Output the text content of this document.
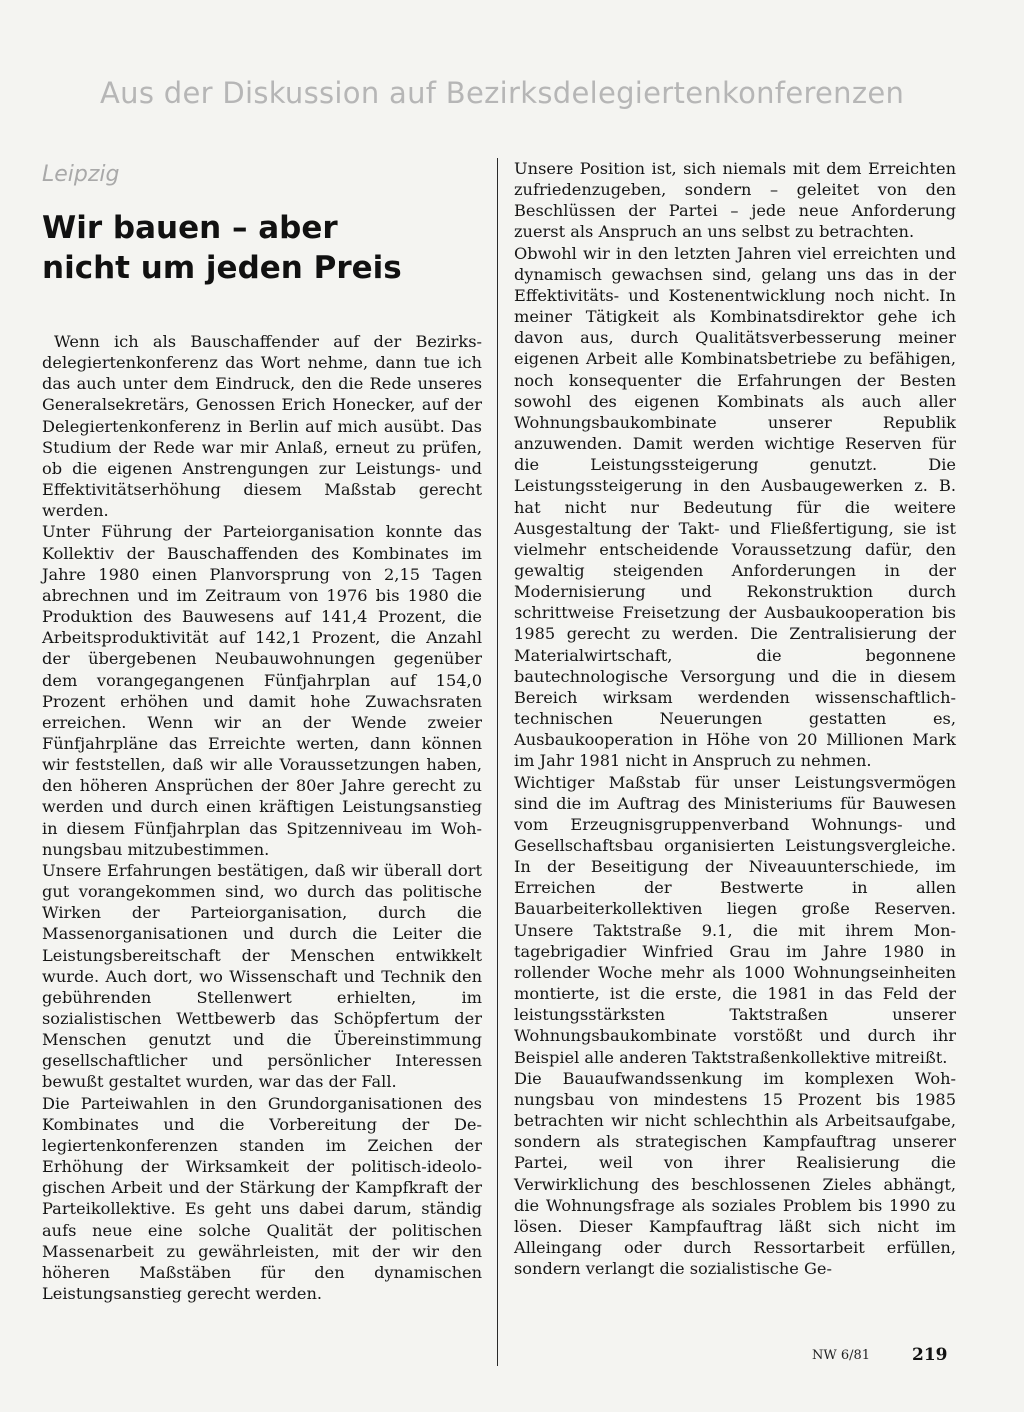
Aus der Diskussion auf Bezirksdelegiertenkonferenzen
Leipzig
Wir bauen – aber
nicht um jeden Preis

Wenn ich als Bauschaffender auf der Bezirksdelegiertenkonferenz das Wort nehme, dann tue ich das auch unter dem Eindruck, den die Rede unseres Generalsekretärs, Genossen Erich Honecker, auf der Delegiertenkonferenz in Berlin auf mich ausübt. Das Studium der Rede war mir Anlaß, erneut zu prüfen, ob die eigenen Anstrengungen zur Leistungs- und Effektivitätserhöhung diesem Maßstab gerecht werden.

Unter Führung der Parteiorganisation konnte das Kollektiv der Bauschaffenden des Kombinates im Jahre 1980 einen Planvorsprung von 2,15 Tagen abrechnen und im Zeitraum von 1976 bis 1980 die Produktion des Bauwesens auf 141,4 Prozent, die Arbeitsproduktivität auf 142,1 Prozent, die Anzahl der übergebenen Neubauwohnungen gegenüber dem vorangegangenen Fünfjahrplan auf 154,0 Prozent erhöhen und damit hohe Zuwachsraten erreichen. Wenn wir an der Wende zweier Fünfjahrpläne das Erreichte werten, dann können wir feststellen, daß wir alle Voraussetzungen haben, den höheren Ansprüchen der 80er Jahre gerecht zu werden und durch einen kräftigen Leistungsanstieg in diesem Fünfjahrplan das Spitzenniveau im Wohnungsbau mitzubestimmen.

Unsere Erfahrungen bestätigen, daß wir überall dort gut vorangekommen sind, wo durch das politische Wirken der Parteiorganisation, durch die Massenorganisationen und durch die Leiter die Leistungsbereitschaft der Menschen entwikkelt wurde. Auch dort, wo Wissenschaft und Technik den gebührenden Stellenwert erhielten, im sozialistischen Wettbewerb das Schöpfertum der Menschen genutzt und die Übereinstimmung gesellschaftlicher und persönlicher Interessen bewußt gestaltet wurden, war das der Fall.

Die Parteiwahlen in den Grundorganisationen des Kombinates und die Vorbereitung der Delegiertenkonferenzen standen im Zeichen der Erhöhung der Wirksamkeit der politisch-ideologischen Arbeit und der Stärkung der Kampfkraft der Parteikollektive. Es geht uns dabei darum, ständig aufs neue eine solche Qualität der politischen Massenarbeit zu gewährleisten, mit der wir den höheren Maßstäben für den dynamischen Leistungsanstieg gerecht werden.

Unsere Position ist, sich niemals mit dem Erreichten zufriedenzugeben, sondern – geleitet von den Beschlüssen der Partei – jede neue Anforderung zuerst als Anspruch an uns selbst zu betrachten.

Obwohl wir in den letzten Jahren viel erreichten und dynamisch gewachsen sind, gelang uns das in der Effektivitäts- und Kostenentwicklung noch nicht. In meiner Tätigkeit als Kombinatsdirektor gehe ich davon aus, durch Qualitätsverbesserung meiner eigenen Arbeit alle Kombinatsbetriebe zu befähigen, noch konsequenter die Erfahrungen der Besten sowohl des eigenen Kombinats als auch aller Wohnungsbaukombinate unserer Republik anzuwenden. Damit werden wichtige Reserven für die Leistungssteigerung genutzt. Die Leistungssteigerung in den Ausbaugewerken z. B. hat nicht nur Bedeutung für die weitere Ausgestaltung der Takt- und Fließfertigung, sie ist vielmehr entscheidende Voraussetzung dafür, den gewaltig steigenden Anforderungen in der Modernisierung und Rekonstruktion durch schrittweise Freisetzung der Ausbaukooperation bis 1985 gerecht zu werden. Die Zentralisierung der Materialwirtschaft, die begonnene bautechnologische Versorgung und die in diesem Bereich wirksam werdenden wissenschaftlich-technischen Neuerungen gestatten es, Ausbaukooperation in Höhe von 20 Millionen Mark im Jahr 1981 nicht in Anspruch zu nehmen.

Wichtiger Maßstab für unser Leistungsvermögen sind die im Auftrag des Ministeriums für Bauwesen vom Erzeugnisgruppenverband Wohnungs- und Gesellschaftsbau organisierten Leistungsvergleiche. In der Beseitigung der Niveauunterschiede, im Erreichen der Bestwerte in allen Bauarbeiterkollektiven liegen große Reserven. Unsere Taktstraße 9.1, die mit ihrem Montagebrigadier Winfried Grau im Jahre 1980 in rollender Woche mehr als 1000 Wohnungseinheiten montierte, ist die erste, die 1981 in das Feld der leistungsstärksten Taktstraßen unserer Wohnungsbaukombinate vorstößt und durch ihr Beispiel alle anderen Taktstraßenkollektive mitreißt.

Die Bauaufwandssenkung im komplexen Wohnungsbau von mindestens 15 Prozent bis 1985 betrachten wir nicht schlechthin als Arbeitsaufgabe, sondern als strategischen Kampfauftrag unserer Partei, weil von ihrer Realisierung die Verwirklichung des beschlossenen Zieles abhängt, die Wohnungsfrage als soziales Problem bis 1990 zu lösen. Dieser Kampfauftrag läßt sich nicht im Alleingang oder durch Ressortarbeit erfüllen, sondern verlangt die sozialistische Ge-

NW 6/81 219
